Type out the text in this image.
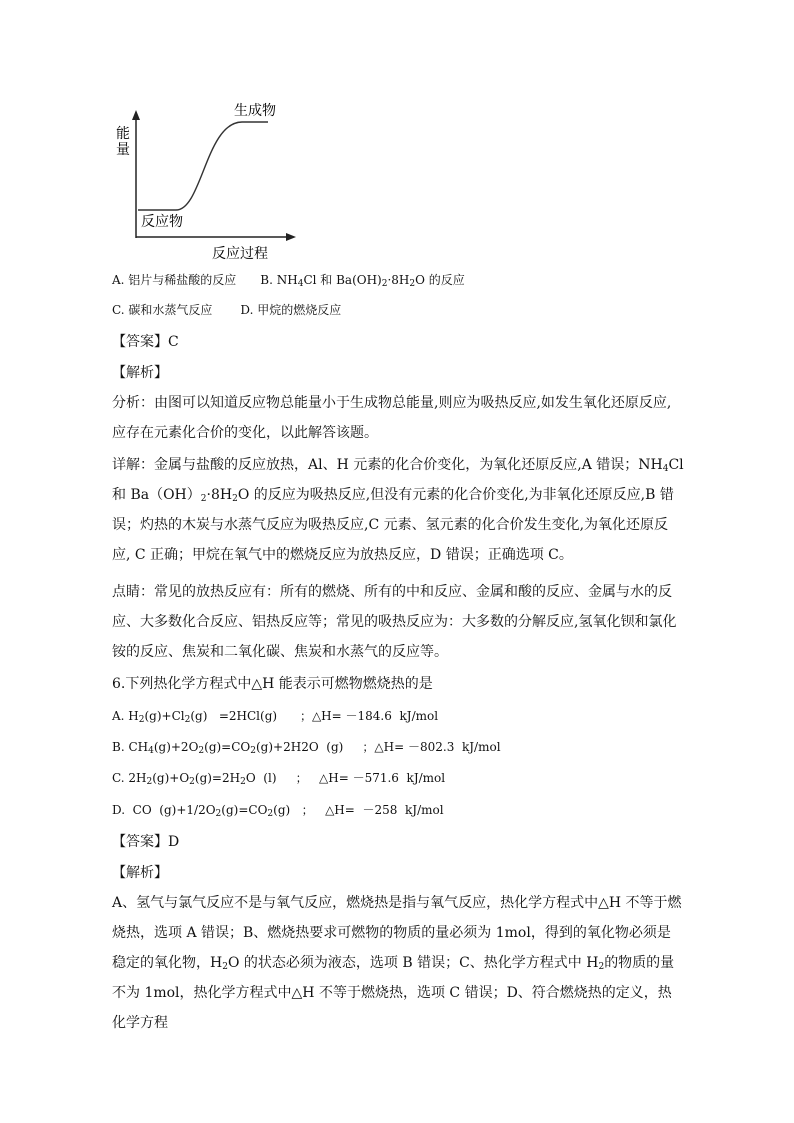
能
量
生成物
反应物
反应过程
A. 铝片与稀盐酸的反应 B. $NH_4Cl$ 和 $Ba(OH)_2\cdot 8H_2O$ 的反应
C. 碳和水蒸气反应 D. 甲烷的燃烧反应
【答案】C
【解析】
分析：由图可以知道反应物总能量小于生成物总能量,则应为吸热反应,如发生氧化还原反应,应存在元素化合价的变化，以此解答该题。
详解：金属与盐酸的反应放热，Al、H 元素的化合价变化，为氧化还原反应,A 错误；$NH_4Cl$ 和 $Ba(OH)_2\cdot 8H_2O$ 的反应为吸热反应,但没有元素的化合价变化,为非氧化还原反应,B 错误；灼热的木炭与水蒸气反应为吸热反应,C 元素、氢元素的化合价发生变化,为氧化还原反应, C 正确；甲烷在氧气中的燃烧反应为放热反应，D 错误；正确选项 C。
点睛：常见的放热反应有：所有的燃烧、所有的中和反应、金属和酸的反应、金属与水的反应、大多数化合反应、铝热反应等；常见的吸热反应为：大多数的分解反应,氢氧化钡和氯化铵的反应、焦炭和二氧化碳、焦炭和水蒸气的反应等。
6.下列热化学方程式中△H 能表示可燃物燃烧热的是
A. $H_2(g)+Cl_2(g) =2HCl(g)$      ；△H= －184.6  kJ/mol
B. $CH_4(g)+2O_2(g)=CO_2(g)+2H2O$  (g)     ；△H= －802.3  kJ/mol
C. $2H_2(g)+O_2(g)=2H_2O$  (l)     ；   △H= －571.6  kJ/mol
D.  CO  $(g)+1/2O_2(g)=CO_2(g)$   ；   △H=  －258  kJ/mol
【答案】D
【解析】
A、氢气与氯气反应不是与氧气反应，燃烧热是指与氧气反应，热化学方程式中△H 不等于燃烧热，选项 A 错误；B、燃烧热要求可燃物的物质的量必须为 1mol，得到的氧化物必须是稳定的氧化物，$H_2O$ 的状态必须为液态，选项 B 错误；C、热化学方程式中 $H_2$的物质的量不为 1mol，热化学方程式中△H 不等于燃烧热，选项 C 错误；D、符合燃烧热的定义，热化学方程
